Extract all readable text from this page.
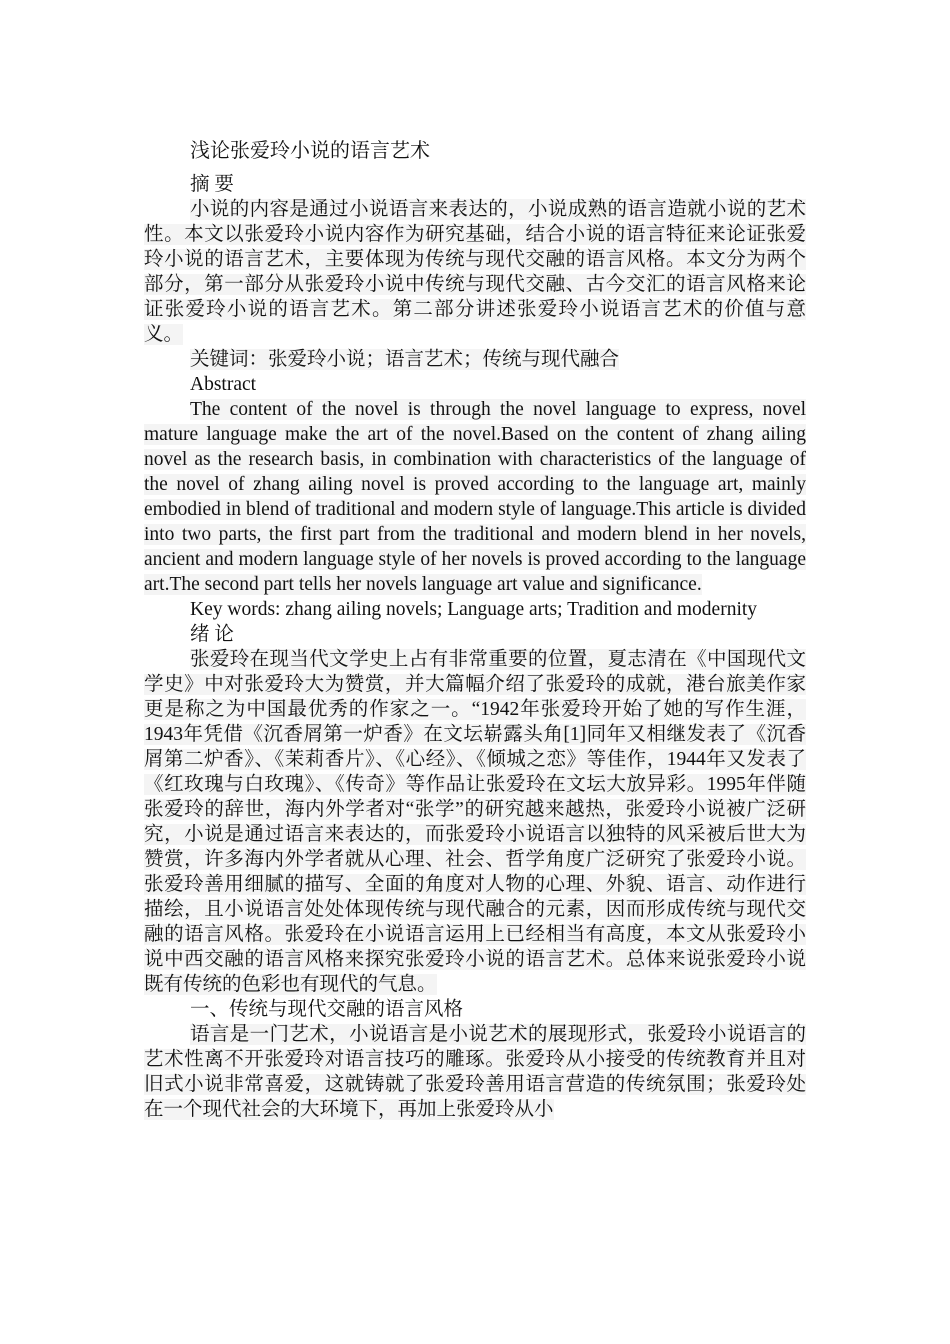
浅论张爱玲小说的语言艺术
摘 要
小说的内容是通过小说语言来表达的，小说成熟的语言造就小说的艺术性。本文以张爱玲小说内容作为研究基础，结合小说的语言特征来论证张爱玲小说的语言艺术，主要体现为传统与现代交融的语言风格。本文分为两个部分，第一部分从张爱玲小说中传统与现代交融、古今交汇的语言风格来论证张爱玲小说的语言艺术。第二部分讲述张爱玲小说语言艺术的价值与意义。
关键词：张爱玲小说；语言艺术；传统与现代融合
Abstract
The content of the novel is through the novel language to express, novel mature language make the art of the novel.Based on the content of zhang ailing novel as the research basis, in combination with characteristics of the language of the novel of zhang ailing novel is proved according to the language art, mainly embodied in blend of traditional and modern style of language.This article is divided into two parts, the first part from the traditional and modern blend in her novels, ancient and modern language style of her novels is proved according to the language art.The second part tells her novels language art value and significance.
Key words: zhang ailing novels; Language arts; Tradition and modernity
绪 论
张爱玲在现当代文学史上占有非常重要的位置，夏志清在《中国现代文学史》中对张爱玲大为赞赏，并大篇幅介绍了张爱玲的成就，港台旅美作家更是称之为中国最优秀的作家之一。“1942年张爱玲开始了她的写作生涯，1943年凭借《沉香屑第一炉香》在文坛崭露头角[1]同年又相继发表了《沉香屑第二炉香》、《茉莉香片》、《心经》、《倾城之恋》等佳作，1944年又发表了《红玫瑰与白玫瑰》、《传奇》等作品让张爱玲在文坛大放异彩。1995年伴随张爱玲的辞世，海内外学者对“张学”的研究越来越热，张爱玲小说被广泛研究，小说是通过语言来表达的，而张爱玲小说语言以独特的风采被后世大为赞赏，许多海内外学者就从心理、社会、哲学角度广泛研究了张爱玲小说。张爱玲善用细腻的描写、全面的角度对人物的心理、外貌、语言、动作进行描绘，且小说语言处处体现传统与现代融合的元素，因而形成传统与现代交融的语言风格。张爱玲在小说语言运用上已经相当有高度，本文从张爱玲小说中西交融的语言风格来探究张爱玲小说的语言艺术。总体来说张爱玲小说既有传统的色彩也有现代的气息。
一、传统与现代交融的语言风格
语言是一门艺术，小说语言是小说艺术的展现形式，张爱玲小说语言的艺术性离不开张爱玲对语言技巧的雕琢。张爱玲从小接受的传统教育并且对旧式小说非常喜爱，这就铸就了张爱玲善用语言营造的传统氛围；张爱玲处在一个现代社会的大环境下，再加上张爱玲从小
